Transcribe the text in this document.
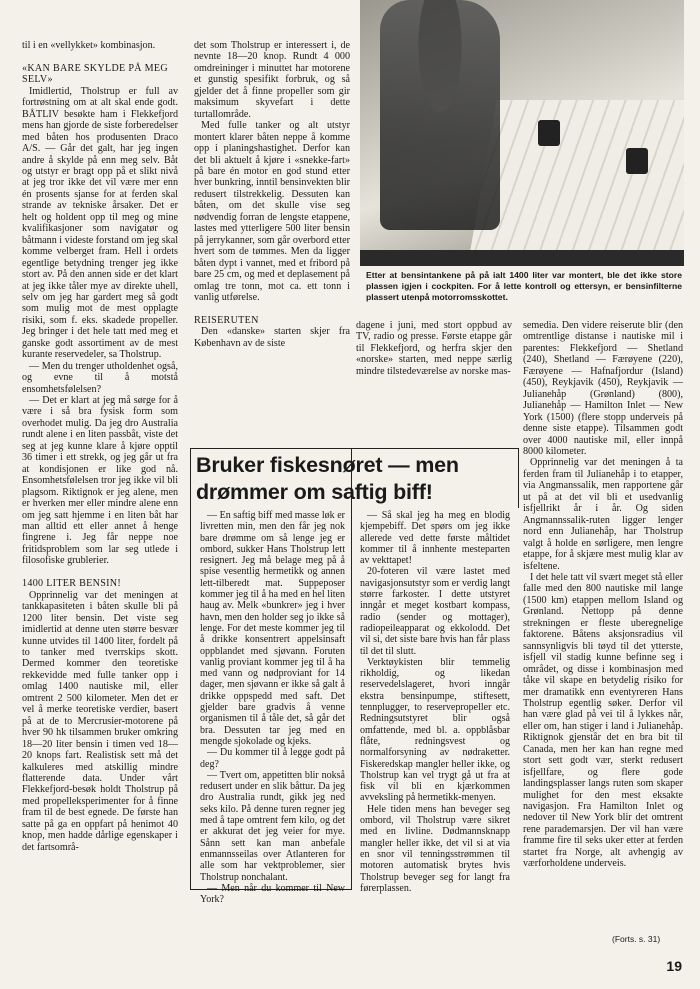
Etter at bensintankene på på ialt 1400 liter var montert, ble det ikke store plassen igjen i cockpiten. For å lette kontroll og ettersyn, er bensinfilterne plassert utenpå motorromsskottet.

til i en «vellykket» kombinasjon.

«KAN BARE SKYLDE PÅ MEG SELV»

Imidlertid, Tholstrup er full av fortrøstning om at alt skal ende godt. BÅTLIV besøkte ham i Flekkefjord mens han gjorde de siste forberedelser med båten hos produsenten Draco A/S. — Går det galt, har jeg ingen andre å skylde på enn meg selv. Båt og utstyr er bragt opp på et slikt nivå at jeg tror ikke det vil være mer enn én prosents sjanse for at ferden skal strande av tekniske årsaker. Det er helt og holdent opp til meg og mine kvalifikasjoner som navigatør og båtmann i videste forstand om jeg skal komme velberget fram. Hell i ordets egentlige betydning trenger jeg ikke stort av. På den annen side er det klart at jeg ikke tåler mye av direkte uhell, selv om jeg har gardert meg så godt som mulig mot de mest opplagte risiki, som f. eks. skadede propeller. Jeg bringer i det hele tatt med meg et ganske godt assortiment av de mest kurante reservedeler, sa Tholstrup.

— Men du trenger utholdenhet også, og evne til å motstå ensomhetsfølelsen?

— Det er klart at jeg må sørge for å være i så bra fysisk form som overhodet mulig. Da jeg dro Australia rundt alene i en liten passbåt, viste det seg at jeg kunne klare å kjøre opptil 36 timer i ett strekk, og jeg går ut fra at kondisjonen er like god nå. Ensomhetsfølelsen tror jeg ikke vil bli plagsom. Riktignok er jeg alene, men er hverken mer eller mindre alene enn om jeg satt hjemme i en liten båt har man alltid ett eller annet å henge fingrene i. Jeg får neppe noe fritidsproblem som lar seg utlede i filosofiske grublerier.

1400 LITER BENSIN!

Opprinnelig var det meningen at tankkapasiteten i båten skulle bli på 1200 liter bensin. Det viste seg imidlertid at denne uten større besvær kunne utvides til 1400 liter, fordelt på to tanker med tverrskips skott. Dermed kommer den teoretiske rekkevidde med fulle tanker opp i omlag 1400 nautiske mil, eller omtrent 2 500 kilometer. Men det er vel å merke teoretiske verdier, basert på at de to Mercrusier-motorene på hver 90 hk tilsammen bruker omkring 18—20 liter bensin i timen ved 18—20 knops fart. Realistisk sett må det kalkuleres med atskillig mindre flatterende data. Under vårt Flekkefjord-besøk holdt Tholstrup på med propelleksperimenter for å finne fram til de best egnede. De første han satte på ga en oppfart på henimot 40 knop, men hadde dårlige egenskaper i det fartsområ-

det som Tholstrup er interessert i, de nevnte 18—20 knop. Rundt 4 000 omdreininger i minuttet har motorene et gunstig spesifikt forbruk, og så gjelder det å finne propeller som gir maksimum skyvefart i dette turtallområde.

Med fulle tanker og alt utstyr montert klarer båten neppe å komme opp i planingshastighet. Derfor kan det bli aktuelt å kjøre i «snekke-fart» på bare én motor en god stund etter hver bunkring, inntil bensinvekten blir redusert tilstrekkelig. Dessuten kan båten, om det skulle vise seg nødvendig forran de lengste etappene, lastes med ytterligere 500 liter bensin på jerrykanner, som går overbord etter hvert som de tømmes. Men da ligger båten dypt i vannet, med et fribord på bare 25 cm, og med et deplasement på omlag tre tonn, mot ca. ett tonn i vanlig utførelse.

REISERUTEN

Den «danske» starten skjer fra København av de siste

dagene i juni, med stort oppbud av TV, radio og presse. Første etappe går til Flekkefjord, og herfra skjer den «norske» starten, med neppe særlig mindre tilstedeværelse av norske mas-

semedia. Den videre reiserute blir (den omtrentlige distanse i nautiske mil i parentes: Flekkefjord — Shetland (240), Shetland — Færøyene (220), Færøyene — Hafnafjordur (Island) (450), Reykjavik (450), Reykjavik — Julianehåp (Grønland) (800), Julianehåp — Hamilton Inlet — New York (1500) (flere stopp underveis på denne siste etappe). Tilsammen godt over 4000 nautiske mil, eller innpå 8000 kilometer.

Opprinnelig var det meningen å ta ferden fram til Julianehåp i to etapper, via Angmanssalik, men rapportene går ut på at det vil bli et usedvanlig isfjellrikt år i år. Og siden Angmannssalik-ruten ligger lenger nord enn Julianehåp, har Tholstrup valgt å holde en sørligere, men lengre etappe, for å skjære mest mulig klar av isfeltene.

I det hele tatt vil svært meget stå eller falle med den 800 nautiske mil lange (1500 km) etappen mellom Island og Grønland. Nettopp på denne strekningen er fleste uberegnelige faktorene. Båtens aksjonsradius vil sannsynligvis bli tøyd til det ytterste, isfjell vil stadig kunne befinne seg i området, og disse i kombinasjon med tåke vil skape en betydelig risiko for mer dramatikk enn eventyreren Hans Tholstrup egentlig søker. Derfor vil han være glad på vei til å lykkes når, eller om, han stiger i land i Julianehåp. Riktignok gjenstår det en bra bit til Canada, men her kan han regne med stort sett godt vær, sterkt redusert isfjellfare, og flere gode landingsplasser langs ruten som skaper mulighet for den mest eksakte navigasjon. Fra Hamilton Inlet og nedover til New York blir det omtrent rene parademarsjen. Der vil han være framme fire til seks uker etter at ferden startet fra Norge, alt avhengig av værforholdene underveis.

(Forts. s. 31)
Bruker fiskesnøret — men drømmer om saftig biff!

— En saftig biff med masse løk er livretten min, men den får jeg nok bare drømme om så lenge jeg er ombord, sukker Hans Tholstrup lett resignert. Jeg må belage meg på å spise vesentlig hermetikk og annen lett-tilberedt mat. Suppeposer kommer jeg til å ha med en hel liten haug av. Melk «bunkrer» jeg i hver havn, men den holder seg jo ikke så lenge. For det meste kommer jeg til å drikke konsentrert appelsinsaft oppblandet med sjøvann. Foruten vanlig proviant kommer jeg til å ha med vann og nødproviant for 14 dager, men sjøvann er ikke så galt å drikke oppspedd med saft. Det gjelder bare gradvis å venne organismen til å tåle det, så går det bra. Dessuten tar jeg med en mengde sjokolade og kjeks.

— Du kommer til å legge godt på deg?

— Tvert om, appetitten blir nokså redusert under en slik båttur. Da jeg dro Australia rundt, gikk jeg ned seks kilo. På denne turen regner jeg med å tape omtrent fem kilo, og det er akkurat det jeg veier for mye. Sånn sett kan man anbefale enmannsseilas over Atlanteren for alle som har vektproblemer, sier Tholstrup nonchalant.

— Men når du kommer til New York?

— Så skal jeg ha meg en blodig kjempebiff. Det spørs om jeg ikke allerede ved dette første måltidet kommer til å innhente mesteparten av vekttapet!

20-foteren vil være lastet med navigasjonsutstyr som er verdig langt større farkoster. I dette utstyret inngår et meget kostbart kompass, radio (sender og mottager), radiopeileapparat og ekkolodd. Det vil si, det siste bare hvis han får plass til det til slutt.

Verktøykisten blir temmelig rikholdig, og likedan reservedelslageret, hvori inngår ekstra bensinpumpe, stiftesett, tennplugger, to reservepropeller etc. Redningsutstyret blir også omfattende, med bl. a. oppblåsbar flåte, redningsvest og normalforsyning av nødraketter. Fiskeredskap mangler heller ikke, og Tholstrup kan vel trygt gå ut fra at fisk vil bli en kjærkommen avveksling på hermetikk-menyen.

Hele tiden mens han beveger seg ombord, vil Tholstrup være sikret med en livline. Dødmannsknapp mangler heller ikke, det vil si at via en snor vil tenningsstrømmen til motoren automatisk brytes hvis Tholstrup beveger seg for langt fra førerplassen.

19
